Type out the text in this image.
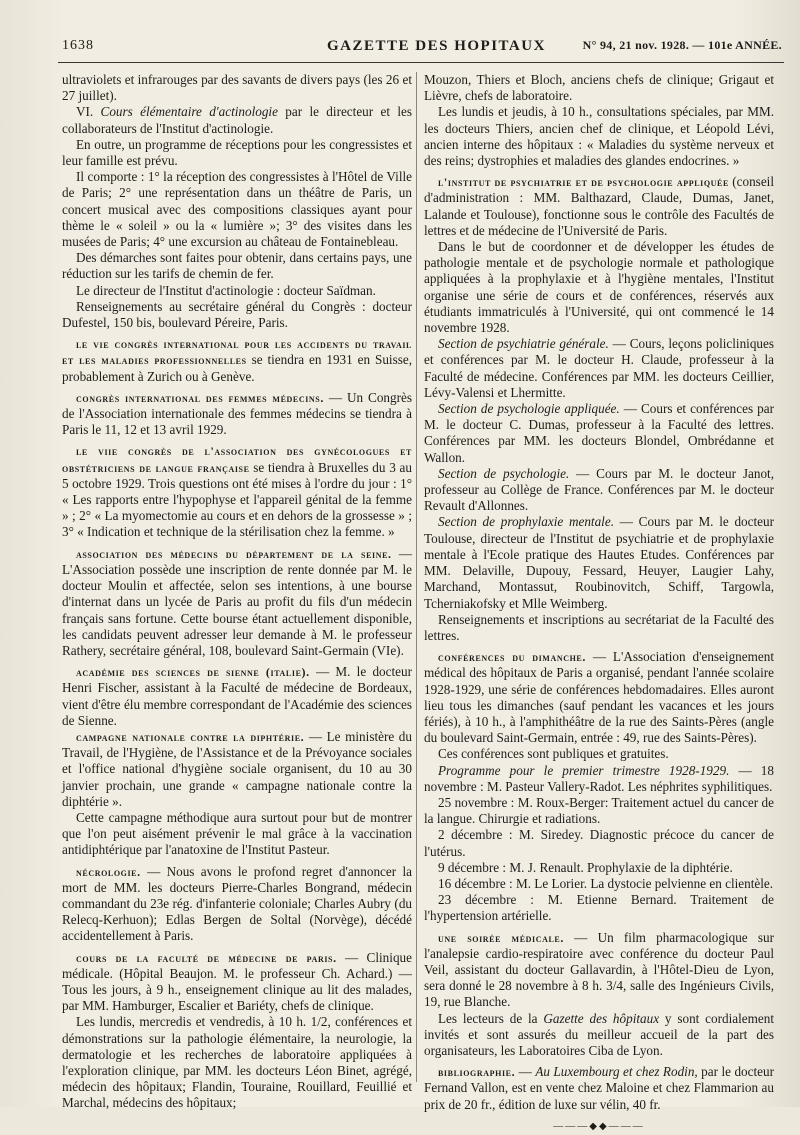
1638	GAZETTE DES HOPITAUX	N° 94, 21 nov. 1928. — 101e ANNÉE.

ultraviolets et infrarouges par des savants de divers pays (les 26 et 27 juillet).

VI. Cours élémentaire d'actinologie par le directeur et les collaborateurs de l'Institut d'actinologie.

En outre, un programme de réceptions pour les congressistes et leur famille est prévu.

Il comporte : 1° la réception des congressistes à l'Hôtel de Ville de Paris; 2° une représentation dans un théâtre de Paris, un concert musical avec des compositions classiques ayant pour thème le « soleil » ou la « lumière »; 3° des visites dans les musées de Paris; 4° une excursion au château de Fontainebleau.

Des démarches sont faites pour obtenir, dans certains pays, une réduction sur les tarifs de chemin de fer.

Le directeur de l'Institut d'actinologie : docteur Saïdman.

Renseignements au secrétaire général du Congrès : docteur Dufestel, 150 bis, boulevard Péreire, Paris.

le vie congrès international pour les accidents du travail et les maladies professionnelles se tiendra en 1931 en Suisse, probablement à Zurich ou à Genève.

congrès international des femmes médecins. — Un Congrès de l'Association internationale des femmes médecins se tiendra à Paris le 11, 12 et 13 avril 1929.

le viie congrès de l'association des gynécologues et obstétriciens de langue française se tiendra à Bruxelles du 3 au 5 octobre 1929. Trois questions ont été mises à l'ordre du jour : 1° « Les rapports entre l'hypophyse et l'appareil génital de la femme » ; 2° « La myomectomie au cours et en dehors de la grossesse » ; 3° « Indication et technique de la stérilisation chez la femme. »

association des médecins du département de la seine. — L'Association possède une inscription de rente donnée par M. le docteur Moulin et affectée, selon ses intentions, à une bourse d'internat dans un lycée de Paris au profit du fils d'un médecin français sans fortune. Cette bourse étant actuellement disponible, les candidats peuvent adresser leur demande à M. le professeur Rathery, secrétaire général, 108, boulevard Saint-Germain (VIe).

académie des sciences de sienne (italie). — M. le docteur Henri Fischer, assistant à la Faculté de médecine de Bordeaux, vient d'être élu membre correspondant de l'Académie des sciences de Sienne.

campagne nationale contre la diphtérie. — Le ministère du Travail, de l'Hygiène, de l'Assistance et de la Prévoyance sociales et l'office national d'hygiène sociale organisent, du 10 au 30 janvier prochain, une grande « campagne nationale contre la diphtérie ».

Cette campagne méthodique aura surtout pour but de montrer que l'on peut aisément prévenir le mal grâce à la vaccination antidiphtérique par l'anatoxine de l'Institut Pasteur.

nécrologie. — Nous avons le profond regret d'annoncer la mort de MM. les docteurs Pierre-Charles Bongrand, médecin commandant du 23e rég. d'infanterie coloniale; Charles Aubry (du Relecq-Kerhuon); Edlas Bergen de Soltal (Norvège), décédé accidentellement à Paris.

cours de la faculté de médecine de paris. — Clinique médicale. (Hôpital Beaujon. M. le professeur Ch. Achard.) — Tous les jours, à 9 h., enseignement clinique au lit des malades, par MM. Hamburger, Escalier et Bariéty, chefs de clinique.

Les lundis, mercredis et vendredis, à 10 h. 1/2, conférences et démonstrations sur la pathologie élémentaire, la neurologie, la dermatologie et les recherches de laboratoire appliquées à l'exploration clinique, par MM. les docteurs Léon Binet, agrégé, médecin des hôpitaux; Flandin, Touraine, Rouillard, Feuillié et Marchal, médecins des hôpitaux;

Mouzon, Thiers et Bloch, anciens chefs de clinique; Grigaut et Lièvre, chefs de laboratoire.

Les lundis et jeudis, à 10 h., consultations spéciales, par MM. les docteurs Thiers, ancien chef de clinique, et Léopold Lévi, ancien interne des hôpitaux : « Maladies du système nerveux et des reins; dystrophies et maladies des glandes endocrines. »

l'institut de psychiatrie et de psychologie appliquée (conseil d'administration : MM. Balthazard, Claude, Dumas, Janet, Lalande et Toulouse), fonctionne sous le contrôle des Facultés de lettres et de médecine de l'Université de Paris.

Dans le but de coordonner et de développer les études de pathologie mentale et de psychologie normale et pathologique appliquées à la prophylaxie et à l'hygiène mentales, l'Institut organise une série de cours et de conférences, réservés aux étudiants immatriculés à l'Université, qui ont commencé le 14 novembre 1928.

Section de psychiatrie générale. — Cours, leçons policliniques et conférences par M. le docteur H. Claude, professeur à la Faculté de médecine. Conférences par MM. les docteurs Ceillier, Lévy-Valensi et Lhermitte.

Section de psychologie appliquée. — Cours et conférences par M. le docteur C. Dumas, professeur à la Faculté des lettres. Conférences par MM. les docteurs Blondel, Ombrédanne et Wallon.

Section de psychologie. — Cours par M. le docteur Janot, professeur au Collège de France. Conférences par M. le docteur Revault d'Allonnes.

Section de prophylaxie mentale. — Cours par M. le docteur Toulouse, directeur de l'Institut de psychiatrie et de prophylaxie mentale à l'Ecole pratique des Hautes Etudes. Conférences par MM. Delaville, Dupouy, Fessard, Heuyer, Laugier Lahy, Marchand, Montassut, Roubinovitch, Schiff, Targowla, Tcherniakofsky et Mlle Weimberg.

Renseignements et inscriptions au secrétariat de la Faculté des lettres.

conférences du dimanche. — L'Association d'enseignement médical des hôpitaux de Paris a organisé, pendant l'année scolaire 1928-1929, une série de conférences hebdomadaires. Elles auront lieu tous les dimanches (sauf pendant les vacances et les jours fériés), à 10 h., à l'amphithéâtre de la rue des Saints-Pères (angle du boulevard Saint-Germain, entrée : 49, rue des Saints-Pères).

Ces conférences sont publiques et gratuites.

Programme pour le premier trimestre 1928-1929. — 18 novembre : M. Pasteur Vallery-Radot. Les néphrites syphilitiques.

25 novembre : M. Roux-Berger: Traitement actuel du cancer de la langue. Chirurgie et radiations.

2 décembre : M. Siredey. Diagnostic précoce du cancer de l'utérus.

9 décembre : M. J. Renault. Prophylaxie de la diphtérie.

16 décembre : M. Le Lorier. La dystocie pelvienne en clientèle.

23 décembre : M. Etienne Bernard. Traitement de l'hypertension artérielle.

une soirée médicale. — Un film pharmacologique sur l'analepsie cardio-respiratoire avec conférence du docteur Paul Veil, assistant du docteur Gallavardin, à l'Hôtel-Dieu de Lyon, sera donné le 28 novembre à 8 h. 3/4, salle des Ingénieurs Civils, 19, rue Blanche.

Les lecteurs de la Gazette des hôpitaux y sont cordialement invités et sont assurés du meilleur accueil de la part des organisateurs, les Laboratoires Ciba de Lyon.

bibliographie. — Au Luxembourg et chez Rodin, par le docteur Fernand Vallon, est en vente chez Maloine et chez Flammarion au prix de 20 fr., édition de luxe sur vélin, 40 fr.

———◆◆———
